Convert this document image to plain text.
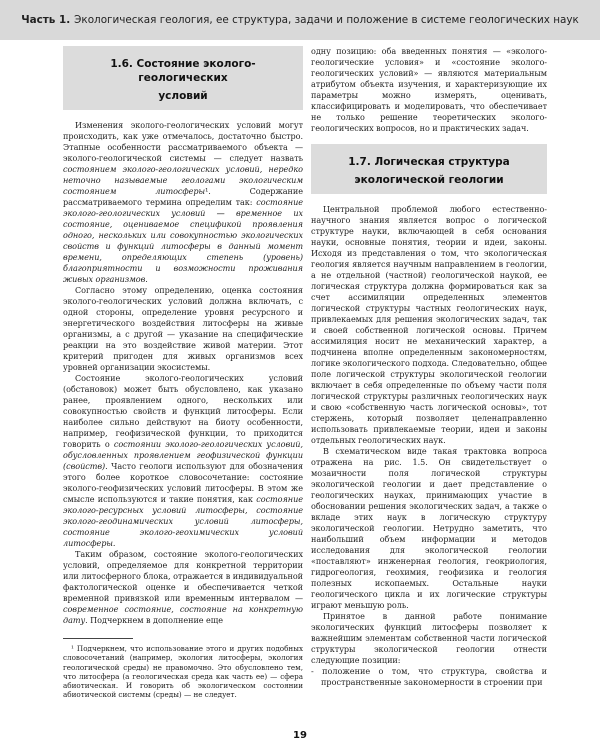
Часть 1. Экологическая геология, ее структура, задачи и положение в системе геологических наук
1.6. Состояние эколого-геологических
условий

Изменения эколого-геологических условий могут происходить, как уже отмечалось, достаточно быстро. Этапные особенности рассматриваемого объекта — эколого-геологической системы — следует назвать состоянием эколого-геологических условий, нередко неточно называемые геологами экологическим состоянием литосферы¹. Содержание рассматриваемого термина определим так: состояние эколого-геологических условий — временное их состояние, оцениваемое спецификой проявления одного, нескольких или совокупностью экологических свойств и функций литосферы в данный момент времени, определяющих степень (уровень) благоприятности и возможности проживания живых организмов.

Согласно этому определению, оценка состояния эколого-геологических условий должна включать, с одной стороны, определение уровня ресурсного и энергетического воздействия литосферы на живые организмы, а с другой — указание на специфические реакции на это воздействие живой материи. Этот критерий пригоден для живых организмов всех уровней организации экосистемы.

Состояние эколого-геологических условий (обстановок) может быть обусловлено, как указано ранее, проявлением одного, нескольких или совокупностью свойств и функций литосферы. Если наиболее сильно действуют на биоту особенности, например, геофизической функции, то приходится говорить о состоянии эколого-геологических условий, обусловленных проявлением геофизической функции (свойств). Часто геологи используют для обозначения этого более короткое словосочетание: состояние эколого-геофизических условий литосферы. В этом же смысле используются и такие понятия, как состояние эколого-ресурсных условий литосферы, состояние эколого-геодинамических условий литосферы, состояние эколого-геохимических условий литосферы.

Таким образом, состояние эколого-геологических условий, определяемое для конкретной территории или литосферного блока, отражается в индивидуальной фактологической оценке и обеспечивается четкой временной привязкой или временным интервалом — современное состояние, состояние на конкретную дату. Подчеркнем в дополнение еще

¹ Подчеркнем, что использование этого и других подобных словосочетаний (например, экология литосферы, экология геологической среды) не правомочно. Это обусловлено тем, что литосфера (а геологическая среда как часть ее) — сфера абиотическая. И говорить об экологическом состоянии абиотической системы (среды) — не следует.

одну позицию: оба введенных понятия — «эколого-геологические условия» и «состояние эколого-геологических условий» — являются материальным атрибутом объекта изучения, и характеризующие их параметры можно измерять, оценивать, классифицировать и моделировать, что обеспечивает не только решение теоретических эколого-геологических вопросов, но и практических задач.

1.7. Логическая структура
экологической геологии

Центральной проблемой любого естественно-научного знания является вопрос о логической структуре науки, включающей в себя основания науки, основные понятия, теории и идеи, законы. Исходя из представления о том, что экологическая геология является научным направлением в геологии, а не отдельной (частной) геологической наукой, ее логическая структура должна формироваться как за счет ассимиляции определенных элементов логической структуры частных геологических наук, привлекаемых для решения экологических задач, так и своей собственной логической основы. Причем ассимиляция носит не механический характер, а подчинена вполне определенным закономерностям, логике экологического подхода. Следовательно, общее поле логической структуры экологической геологии включает в себя определенные по объему части поля логической структуры различных геологических наук и свою «собственную часть логической основы», тот стержень, который позволяет целенаправленно использовать привлекаемые теории, идеи и законы отдельных геологических наук.

В схематическом виде такая трактовка вопроса отражена на рис. 1.5. Он свидетельствует о мозаичности поля логической структуры экологической геологии и дает представление о геологических науках, принимающих участие в обосновании решения экологических задач, а также о вкладе этих наук в логическую структуру экологической геологии. Нетрудно заметить, что наибольший объем информации и методов исследования для экологической геологии «поставляют» инженерная геология, геокриология, гидрогеология, геохимия, геофизика и геология полезных ископаемых. Остальные науки геологического цикла и их логические структуры играют меньшую роль.

Принятое в данной работе понимание экологических функций литосферы позволяет к важнейшим элементам собственной части логической структуры экологической геологии отнести следующие позиции:

- положение о том, что структура, свойства и пространственные закономерности в строении при

19
